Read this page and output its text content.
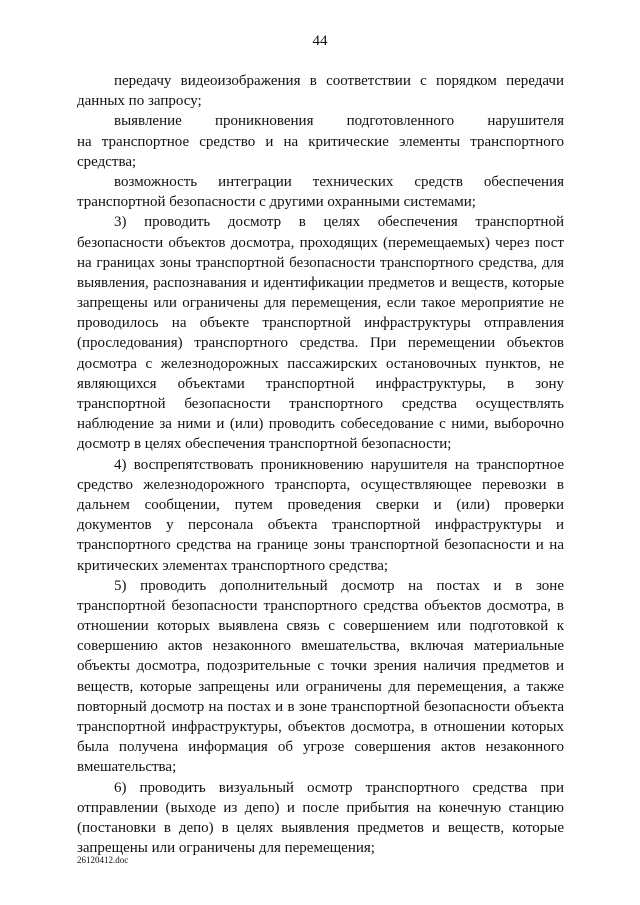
44
передачу видеоизображения в соответствии с порядком передачи
данных по запросу;
выявление проникновения подготовленного нарушителя
на транспортное средство и на критические элементы транспортного
средства;
возможность интеграции технических средств обеспечения
транспортной безопасности с другими охранными системами;
3) проводить досмотр в целях обеспечения транспортной
безопасности объектов досмотра, проходящих (перемещаемых) через пост
на границах зоны транспортной безопасности транспортного средства, для
выявления, распознавания и идентификации предметов и веществ, которые
запрещены или ограничены для перемещения, если такое мероприятие не
проводилось на объекте транспортной инфраструктуры отправления
(проследования) транспортного средства. При перемещении объектов
досмотра с железнодорожных пассажирских остановочных пунктов, не
являющихся объектами транспортной инфраструктуры, в зону
транспортной безопасности транспортного средства осуществлять
наблюдение за ними и (или) проводить собеседование с ними, выборочно
досмотр в целях обеспечения транспортной безопасности;
4) воспрепятствовать проникновению нарушителя на транспортное
средство железнодорожного транспорта, осуществляющее перевозки в
дальнем сообщении, путем проведения сверки и (или) проверки
документов у персонала объекта транспортной инфраструктуры и
транспортного средства на границе зоны транспортной безопасности и на
критических элементах транспортного средства;
5) проводить дополнительный досмотр на постах и в зоне
транспортной безопасности транспортного средства объектов досмотра, в
отношении которых выявлена связь с совершением или подготовкой к
совершению актов незаконного вмешательства, включая материальные
объекты досмотра, подозрительные с точки зрения наличия предметов и
веществ, которые запрещены или ограничены для перемещения, а также
повторный досмотр на постах и в зоне транспортной безопасности объекта
транспортной инфраструктуры, объектов досмотра, в отношении которых
была получена информация об угрозе совершения актов незаконного
вмешательства;
6) проводить визуальный осмотр транспортного средства при
отправлении (выходе из депо) и после прибытия на конечную станцию
(постановки в депо) в целях выявления предметов и веществ, которые
запрещены или ограничены для перемещения;
26120412.doc
